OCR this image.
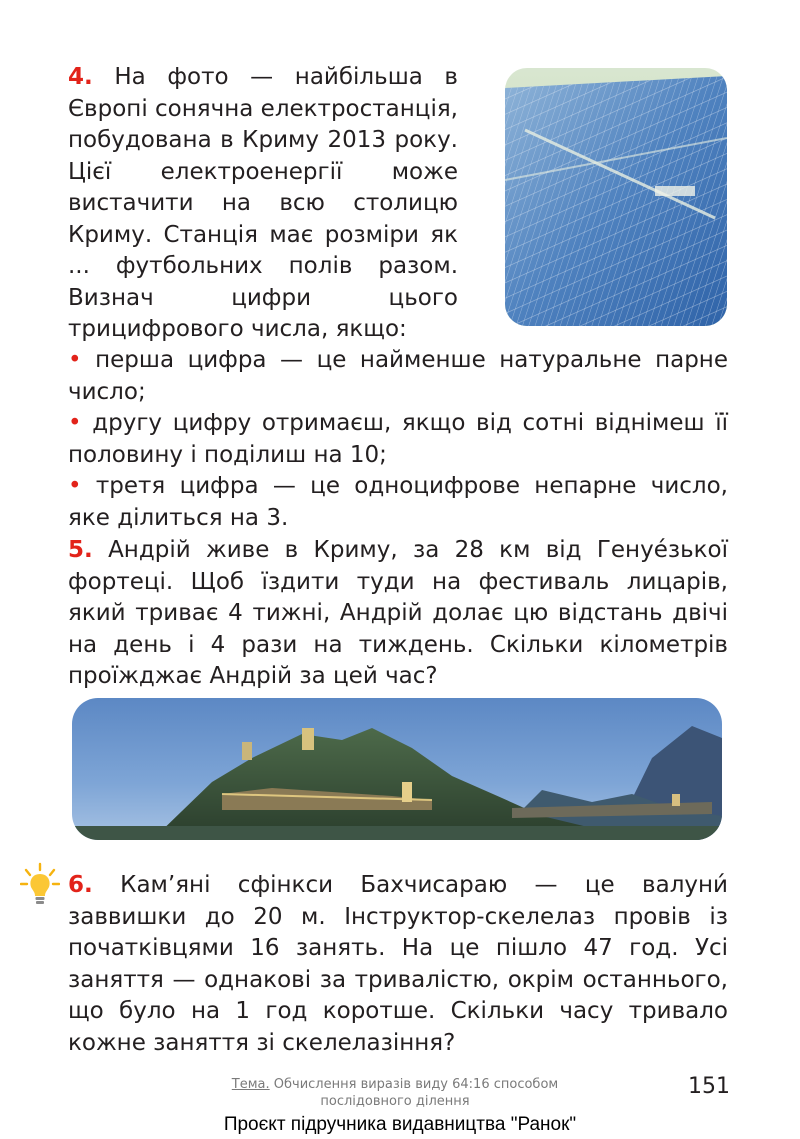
4. На фото — найбільша в Європі сонячна електростанція, побудована в Криму 2013 року. Цієї електроенергії може вистачити на всю столицю Криму. Станція має розміри як ... футбольних полів разом. Визнач цифри цього трицифрового числа, якщо:

• перша цифра — це найменше натуральне парне число;

• другу цифру отримаєш, якщо від сотні віднімеш її половину і поділиш на 10;

• третя цифра — це одноцифрове непарне число, яке ділиться на 3.

5. Андрій живе в Криму, за 28 км від Генуе́зької фортеці. Щоб їздити туди на фестиваль лицарів, який триває 4 тижні, Андрій долає цю відстань двічі на день і 4 рази на тиждень. Скільки кілометрів проїжджає Андрій за цей час?
6. Кам’яні сфінкси Бахчисараю — це валуни́ заввишки до 20 м. Інструктор-скелелаз провів із початківцями 16 занять. На це пішло 47 год. Усі заняття — однакові за тривалістю, окрім останнього, що було на 1 год коротше. Скільки часу тривало кожне заняття зі скелелазіння?
Тема. Обчислення виразів виду 64:16 способом послідовного ділення
151
Проєкт підручника видавництва "Ранок"
